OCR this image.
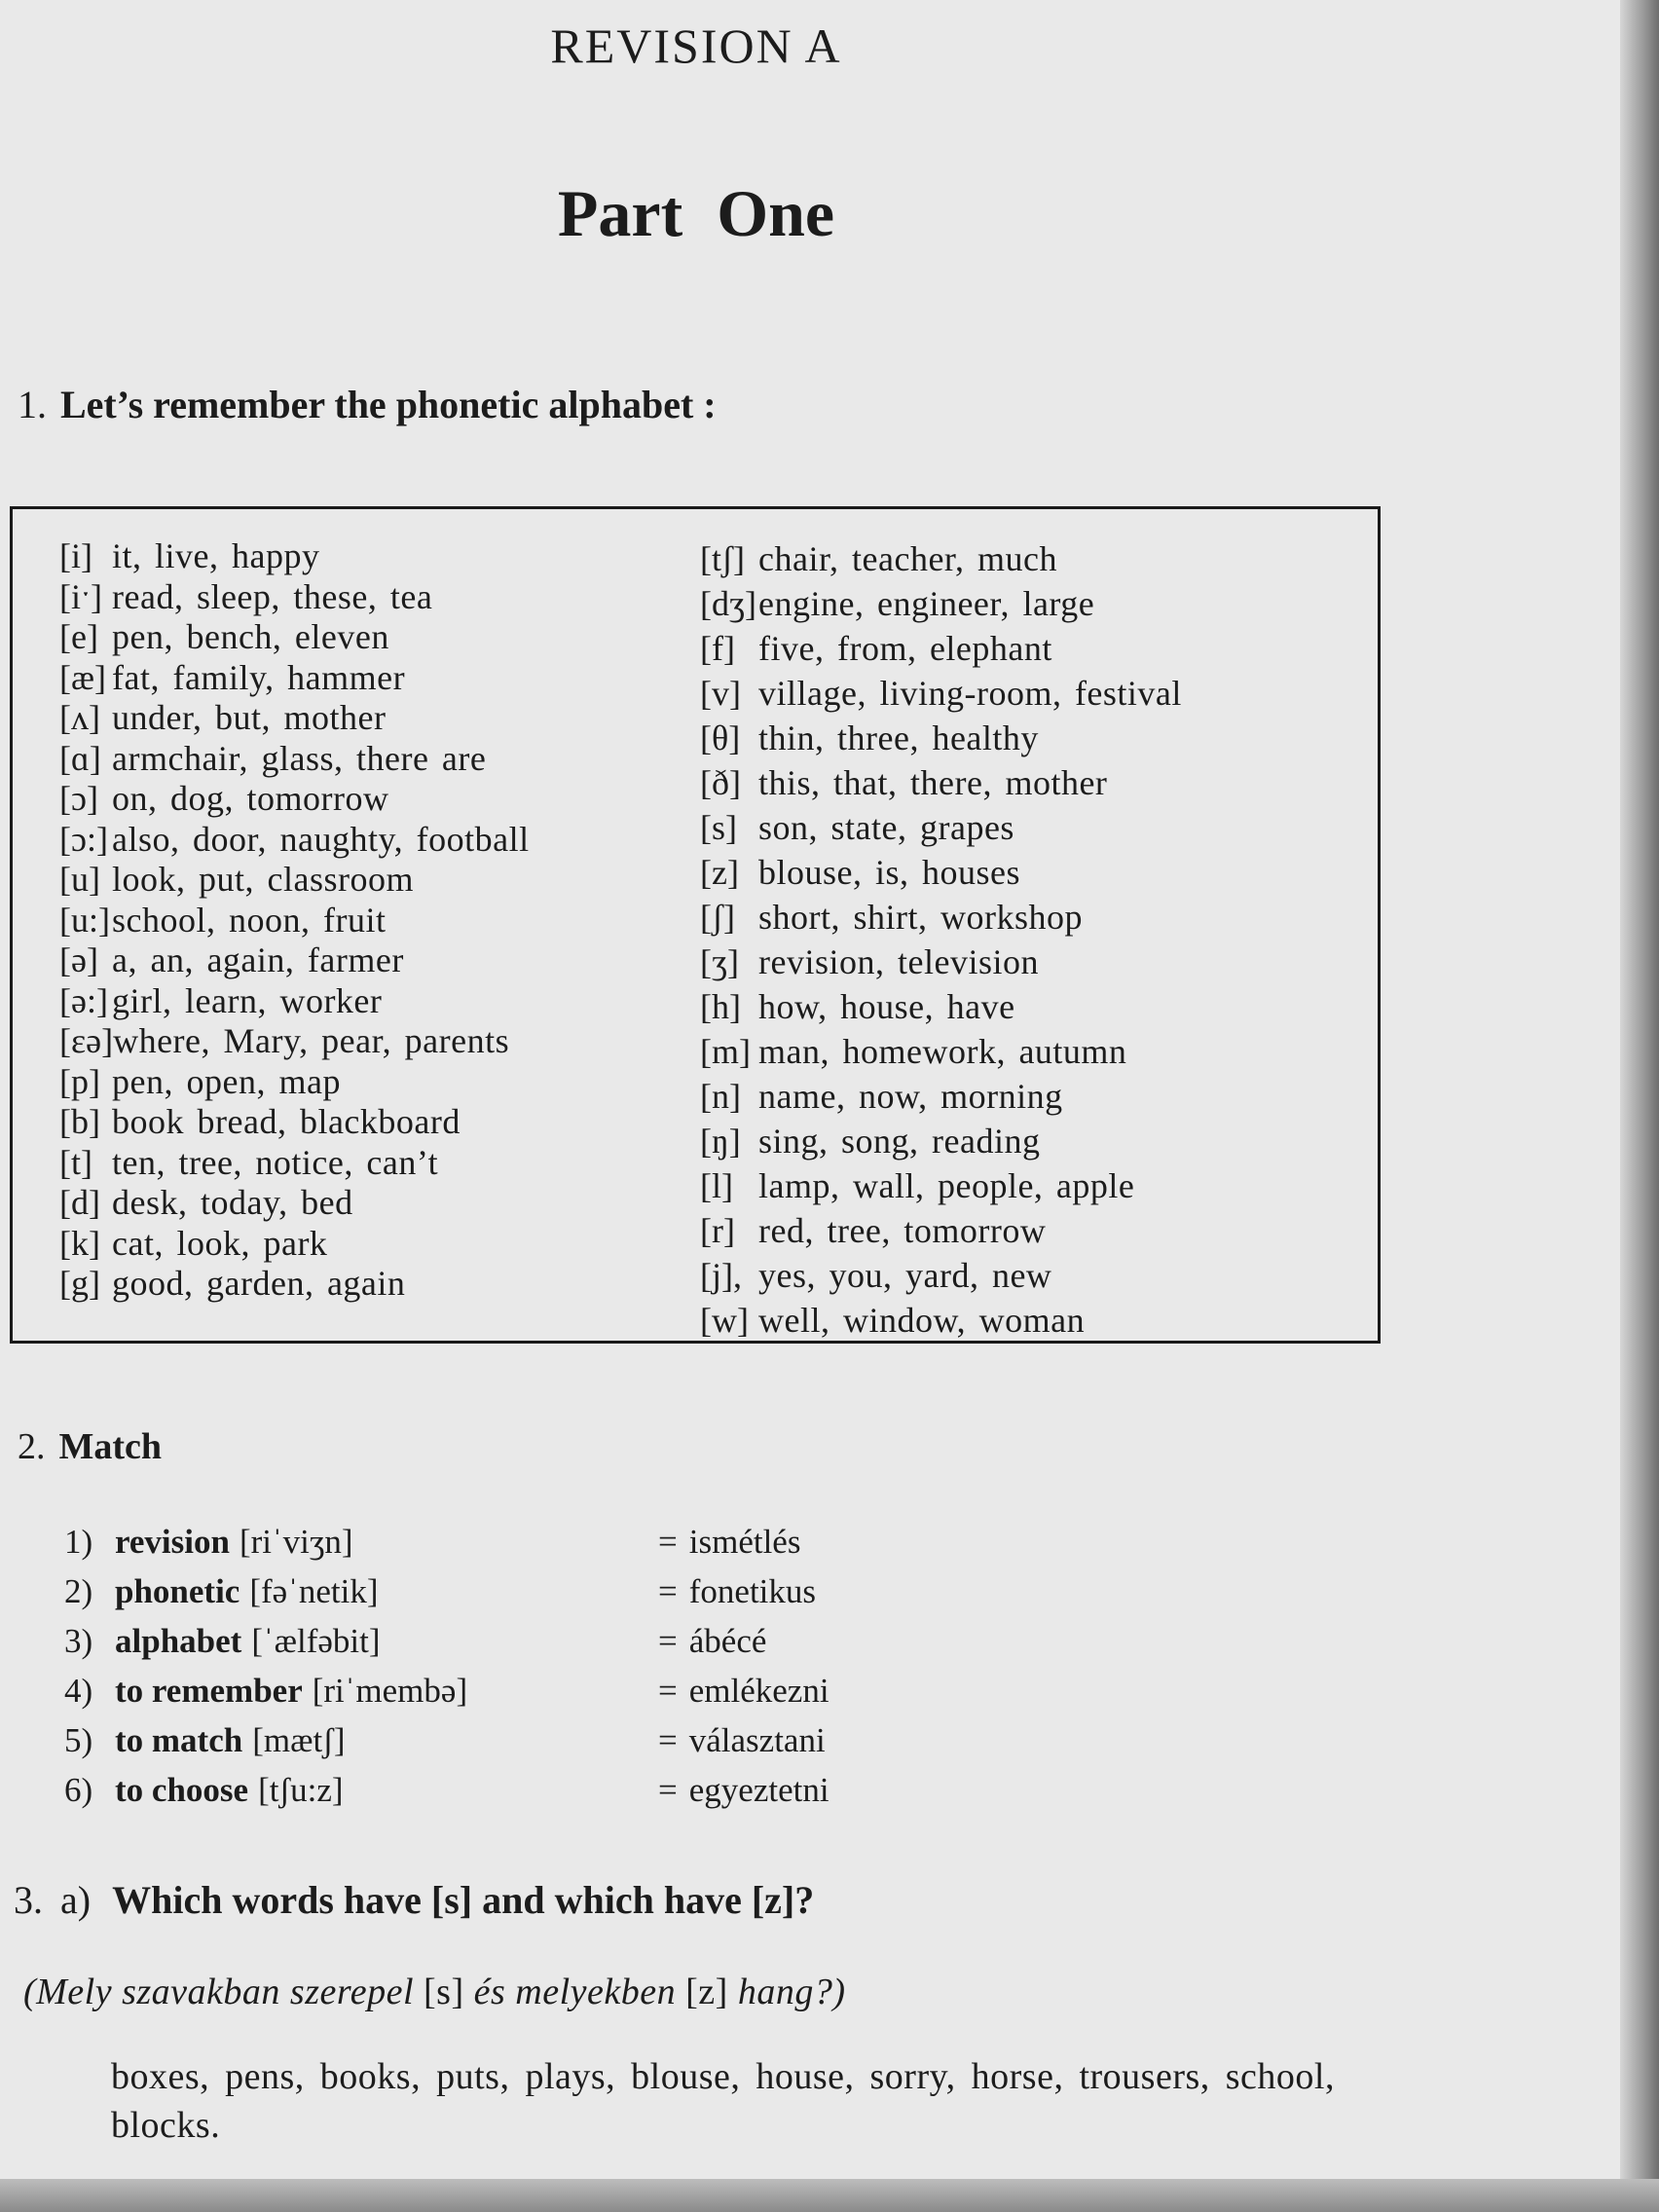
REVISION A
Part One
1. Let’s remember the phonetic alphabet :
[i] it, live, happy
[iˑ] read, sleep, these, tea
[e] pen, bench, eleven
[æ] fat, family, hammer
[ʌ] under, but, mother
[ɑ] armchair, glass, there are
[ɔ] on, dog, tomorrow
[ɔ:] also, door, naughty, football
[u] look, put, classroom
[u:]school, noon, fruit
[ə] a, an, again, farmer
[ə:] girl, learn, worker
[εə]where, Mary, pear, parents
[p] pen, open, map
[b] book bread, blackboard
[t] ten, tree, notice, can’t
[d] desk, today, bed
[k] cat, look, park
[g] good, garden, again
[tʃ] chair, teacher, much
[dʒ]engine, engineer, large
[f] five, from, elephant
[v] village, living-room, festival
[θ] thin, three, healthy
[ð] this, that, there, mother
[s] son, state, grapes
[z] blouse, is, houses
[ʃ] short, shirt, workshop
[ʒ] revision, television
[h] how, house, have
[m] man, homework, autumn
[n] name, now, morning
[ŋ] sing, song, reading
[l] lamp, wall, people, apple
[r] red, tree, tomorrow
[j], yes, you, yard, new
[w] well, window, woman
2. Match
1) revision [riˈviʒn]	= ismétlés
2) phonetic [fəˈnetik]	= fonetikus
3) alphabet [ˈælfəbit]	= ábécé
4) to remember [riˈmembə]	= emlékezni
5) to match [mætʃ]	= választani
6) to choose [tʃu:z]	= egyeztetni
3. a) Which words have [s] and which have [z]?
(Mely szavakban szerepel [s] és melyekben [z] hang?)
boxes, pens, books, puts, plays, blouse, house, sorry, horse, trousers, school, blocks.
